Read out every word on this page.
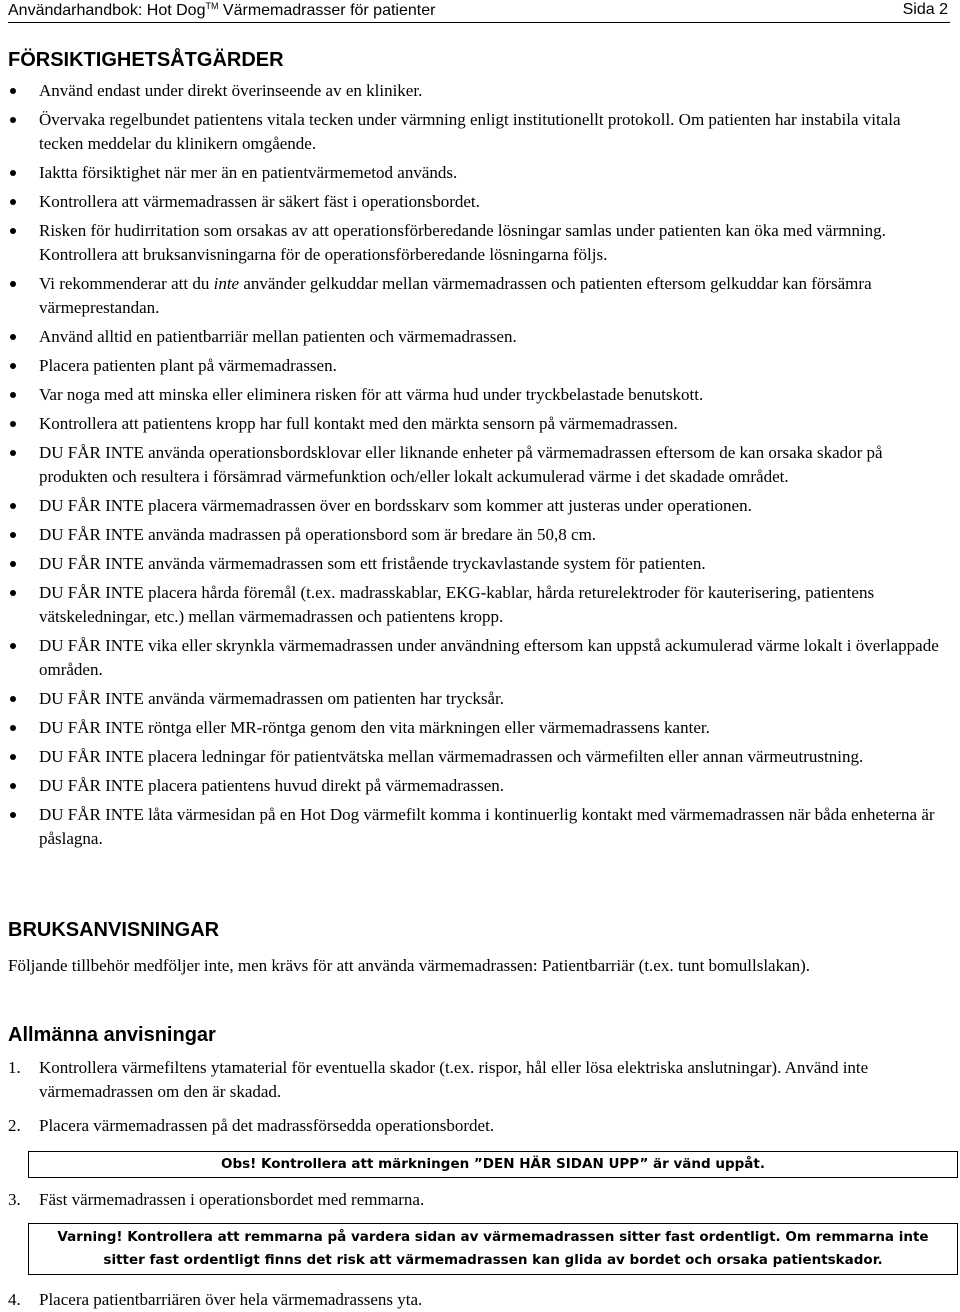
Användarhandbok: Hot Dog™ Värmemadrasser för patienter	Sida 2
FÖRSIKTIGHETSÅTGÄRDER
Använd endast under direkt överinseende av en kliniker.
Övervaka regelbundet patientens vitala tecken under värmning enligt institutionellt protokoll. Om patienten har instabila vitala tecken meddelar du klinikern omgående.
Iaktta försiktighet när mer än en patientvärmemetod används.
Kontrollera att värmemadrassen är säkert fäst i operationsbordet.
Risken för hudirritation som orsakas av att operationsförberedande lösningar samlas under patienten kan öka med värmning. Kontrollera att bruksanvisningarna för de operationsförberedande lösningarna följs.
Vi rekommenderar att du inte använder gelkuddar mellan värmemadrassen och patienten eftersom gelkuddar kan försämra värmeprestandan.
Använd alltid en patientbarriär mellan patienten och värmemadrassen.
Placera patienten plant på värmemadrassen.
Var noga med att minska eller eliminera risken för att värma hud under tryckbelastade benutskott.
Kontrollera att patientens kropp har full kontakt med den märkta sensorn på värmemadrassen.
DU FÅR INTE använda operationsbordsklovar eller liknande enheter på värmemadrassen eftersom de kan orsaka skador på produkten och resultera i försämrad värmefunktion och/eller lokalt ackumulerad värme i det skadade området.
DU FÅR INTE placera värmemadrassen över en bordsskarv som kommer att justeras under operationen.
DU FÅR INTE använda madrassen på operationsbord som är bredare än 50,8 cm.
DU FÅR INTE använda värmemadrassen som ett fristående tryckavlastande system för patienten.
DU FÅR INTE placera hårda föremål (t.ex. madrasskablar, EKG-kablar, hårda returelektroder för kauterisering, patientens vätskeledningar, etc.) mellan värmemadrassen och patientens kropp.
DU FÅR INTE vika eller skrynkla värmemadrassen under användning eftersom kan uppstå ackumulerad värme lokalt i överlappade områden.
DU FÅR INTE använda värmemadrassen om patienten har trycksår.
DU FÅR INTE röntga eller MR-röntga genom den vita märkningen eller värmemadrassens kanter.
DU FÅR INTE placera ledningar för patientvätska mellan värmemadrassen och värmefilten eller annan värmeutrustning.
DU FÅR INTE placera patientens huvud direkt på värmemadrassen.
DU FÅR INTE låta värmesidan på en Hot Dog värmefilt komma i kontinuerlig kontakt med värmemadrassen när båda enheterna är påslagna.
BRUKSANVISNINGAR

Följande tillbehör medföljer inte, men krävs för att använda värmemadrassen: Patientbarriär (t.ex. tunt bomullslakan).

Allmänna anvisningar
1. Kontrollera värmefiltens ytamaterial för eventuella skador (t.ex. rispor, hål eller lösa elektriska anslutningar). Använd inte värmemadrassen om den är skadad.
2. Placera värmemadrassen på det madrassförsedda operationsbordet.
Obs! Kontrollera att märkningen ”DEN HÄR SIDAN UPP” är vänd uppåt.
3. Fäst värmemadrassen i operationsbordet med remmarna.
Varning! Kontrollera att remmarna på vardera sidan av värmemadrassen sitter fast ordentligt. Om remmarna inte sitter fast ordentligt finns det risk att värmemadrassen kan glida av bordet och orsaka patientskador.
4. Placera patientbarriären över hela värmemadrassens yta.
